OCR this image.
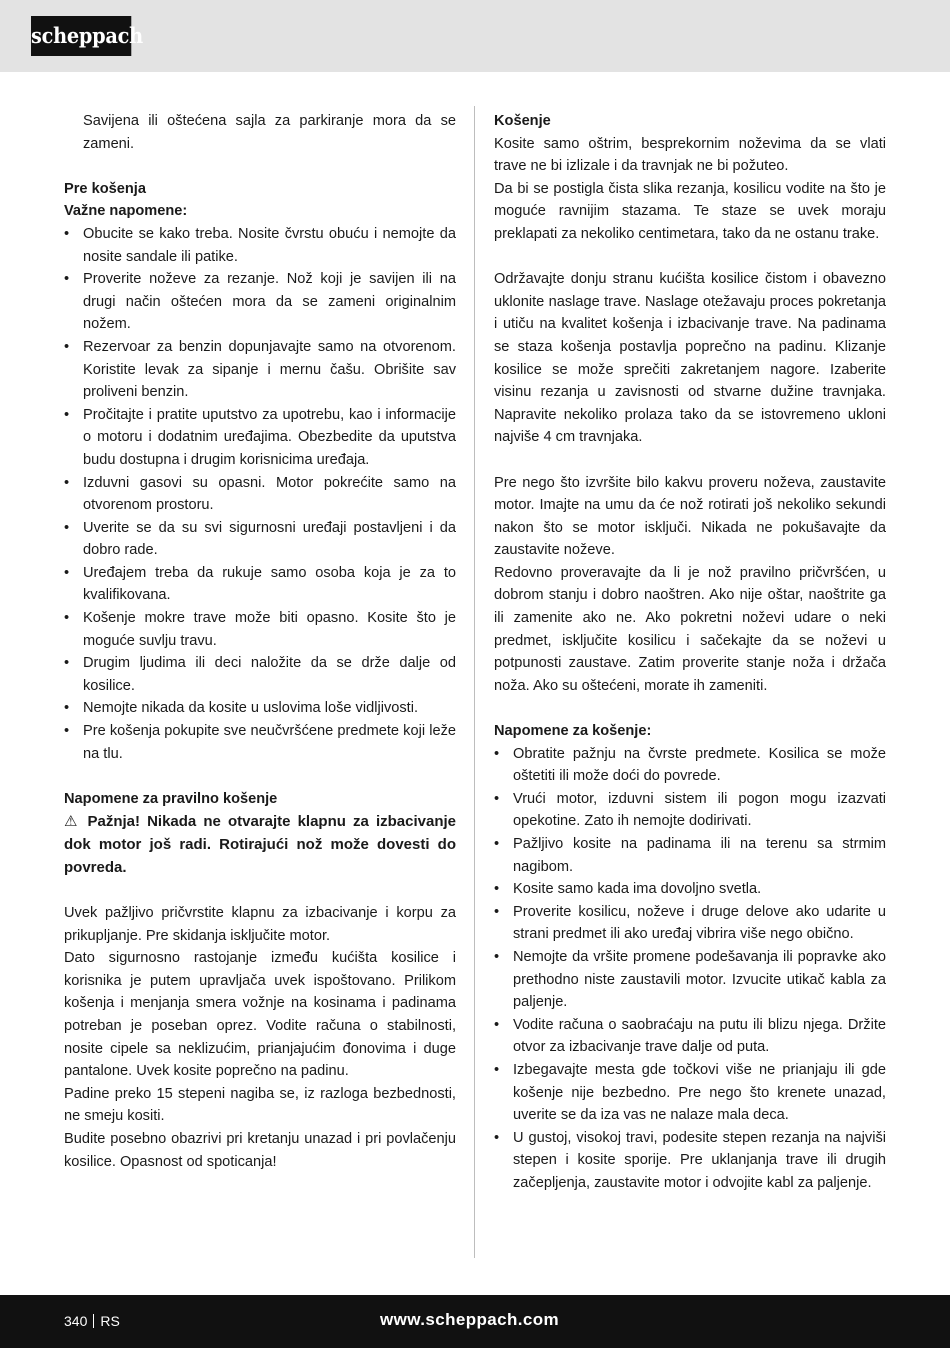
scheppach

Savijena ili oštećena sajla za parkiranje mora da se zameni.

Pre košenja

Važne napomene:

• Obucite se kako treba. Nosite čvrstu obuću i nemojte da nosite sandale ili patike.
• Proverite noževe za rezanje. Nož koji je savijen ili na drugi način oštećen mora da se zameni originalnim nožem.
• Rezervoar za benzin dopunjavajte samo na otvorenom. Koristite levak za sipanje i mernu čašu. Obrišite sav proliveni benzin.
• Pročitajte i pratite uputstvo za upotrebu, kao i informacije o motoru i dodatnim uređajima. Obezbedite da uputstva budu dostupna i drugim korisnicima uređaja.
• Izduvni gasovi su opasni. Motor pokrećite samo na otvorenom prostoru.
• Uverite se da su svi sigurnosni uređaji postavljeni i da dobro rade.
• Uređajem treba da rukuje samo osoba koja je za to kvalifikovana.
• Košenje mokre trave može biti opasno. Kosite što je moguće suvlju travu.
• Drugim ljudima ili deci naložite da se drže dalje od kosilice.
• Nemojte nikada da kosite u uslovima loše vidljivosti.
• Pre košenja pokupite sve neučvršćene predmete koji leže na tlu.

Napomene za pravilno košenje

⚠ Pažnja! Nikada ne otvarajte klapnu za izbacivanje dok motor još radi. Rotirajući nož može dovesti do povreda.

Uvek pažljivo pričvrstite klapnu za izbacivanje i korpu za prikupljanje. Pre skidanja isključite motor.

Dato sigurnosno rastojanje između kućišta kosilice i korisnika je putem upravljača uvek ispoštovano. Prilikom košenja i menjanja smera vožnje na kosinama i padinama potreban je poseban oprez. Vodite računa o stabilnosti, nosite cipele sa neklizućim, prianjajućim đonovima i duge pantalone. Uvek kosite poprečno na padinu.

Padine preko 15 stepeni nagiba se, iz razloga bezbednosti, ne smeju kositi.

Budite posebno obazrivi pri kretanju unazad i pri povlačenju kosilice. Opasnost od spoticanja!

Košenje

Kosite samo oštrim, besprekornim noževima da se vlati trave ne bi izlizale i da travnjak ne bi požuteo.

Da bi se postigla čista slika rezanja, kosilicu vodite na što je moguće ravnijim stazama. Te staze se uvek moraju preklapati za nekoliko centimetara, tako da ne ostanu trake.

Održavajte donju stranu kućišta kosilice čistom i obavezno uklonite naslage trave. Naslage otežavaju proces pokretanja i utiču na kvalitet košenja i izbacivanje trave. Na padinama se staza košenja postavlja poprečno na padinu. Klizanje kosilice se može sprečiti zakretanjem nagore. Izaberite visinu rezanja u zavisnosti od stvarne dužine travnjaka. Napravite nekoliko prolaza tako da se istovremeno ukloni najviše 4 cm travnjaka.

Pre nego što izvršite bilo kakvu proveru noževa, zaustavite motor. Imajte na umu da će nož rotirati još nekoliko sekundi nakon što se motor isključi. Nikada ne pokušavajte da zaustavite noževe.

Redovno proveravajte da li je nož pravilno pričvršćen, u dobrom stanju i dobro naoštren. Ako nije oštar, naoštrite ga ili zamenite ako ne. Ako pokretni noževi udare o neki predmet, isključite kosilicu i sačekajte da se noževi u potpunosti zaustave. Zatim proverite stanje noža i držača noža. Ako su oštećeni, morate ih zameniti.

Napomene za košenje:

• Obratite pažnju na čvrste predmete. Kosilica se može oštetiti ili može doći do povrede.
• Vrući motor, izduvni sistem ili pogon mogu izazvati opekotine. Zato ih nemojte dodirivati.
• Pažljivo kosite na padinama ili na terenu sa strmim nagibom.
• Kosite samo kada ima dovoljno svetla.
• Proverite kosilicu, noževe i druge delove ako udarite u strani predmet ili ako uređaj vibrira više nego obično.
• Nemojte da vršite promene podešavanja ili popravke ako prethodno niste zaustavili motor. Izvucite utikač kabla za paljenje.
• Vodite računa o saobraćaju na putu ili blizu njega. Držite otvor za izbacivanje trave dalje od puta.
• Izbegavajte mesta gde točkovi više ne prianjaju ili gde košenje nije bezbedno. Pre nego što krenete unazad, uverite se da iza vas ne nalaze mala deca.
• U gustoj, visokoj travi, podesite stepen rezanja na najviši stepen i kosite sporije. Pre uklanjanja trave ili drugih začepljenja, zaustavite motor i odvojite kabl za paljenje.
340 RS	www.scheppach.com
